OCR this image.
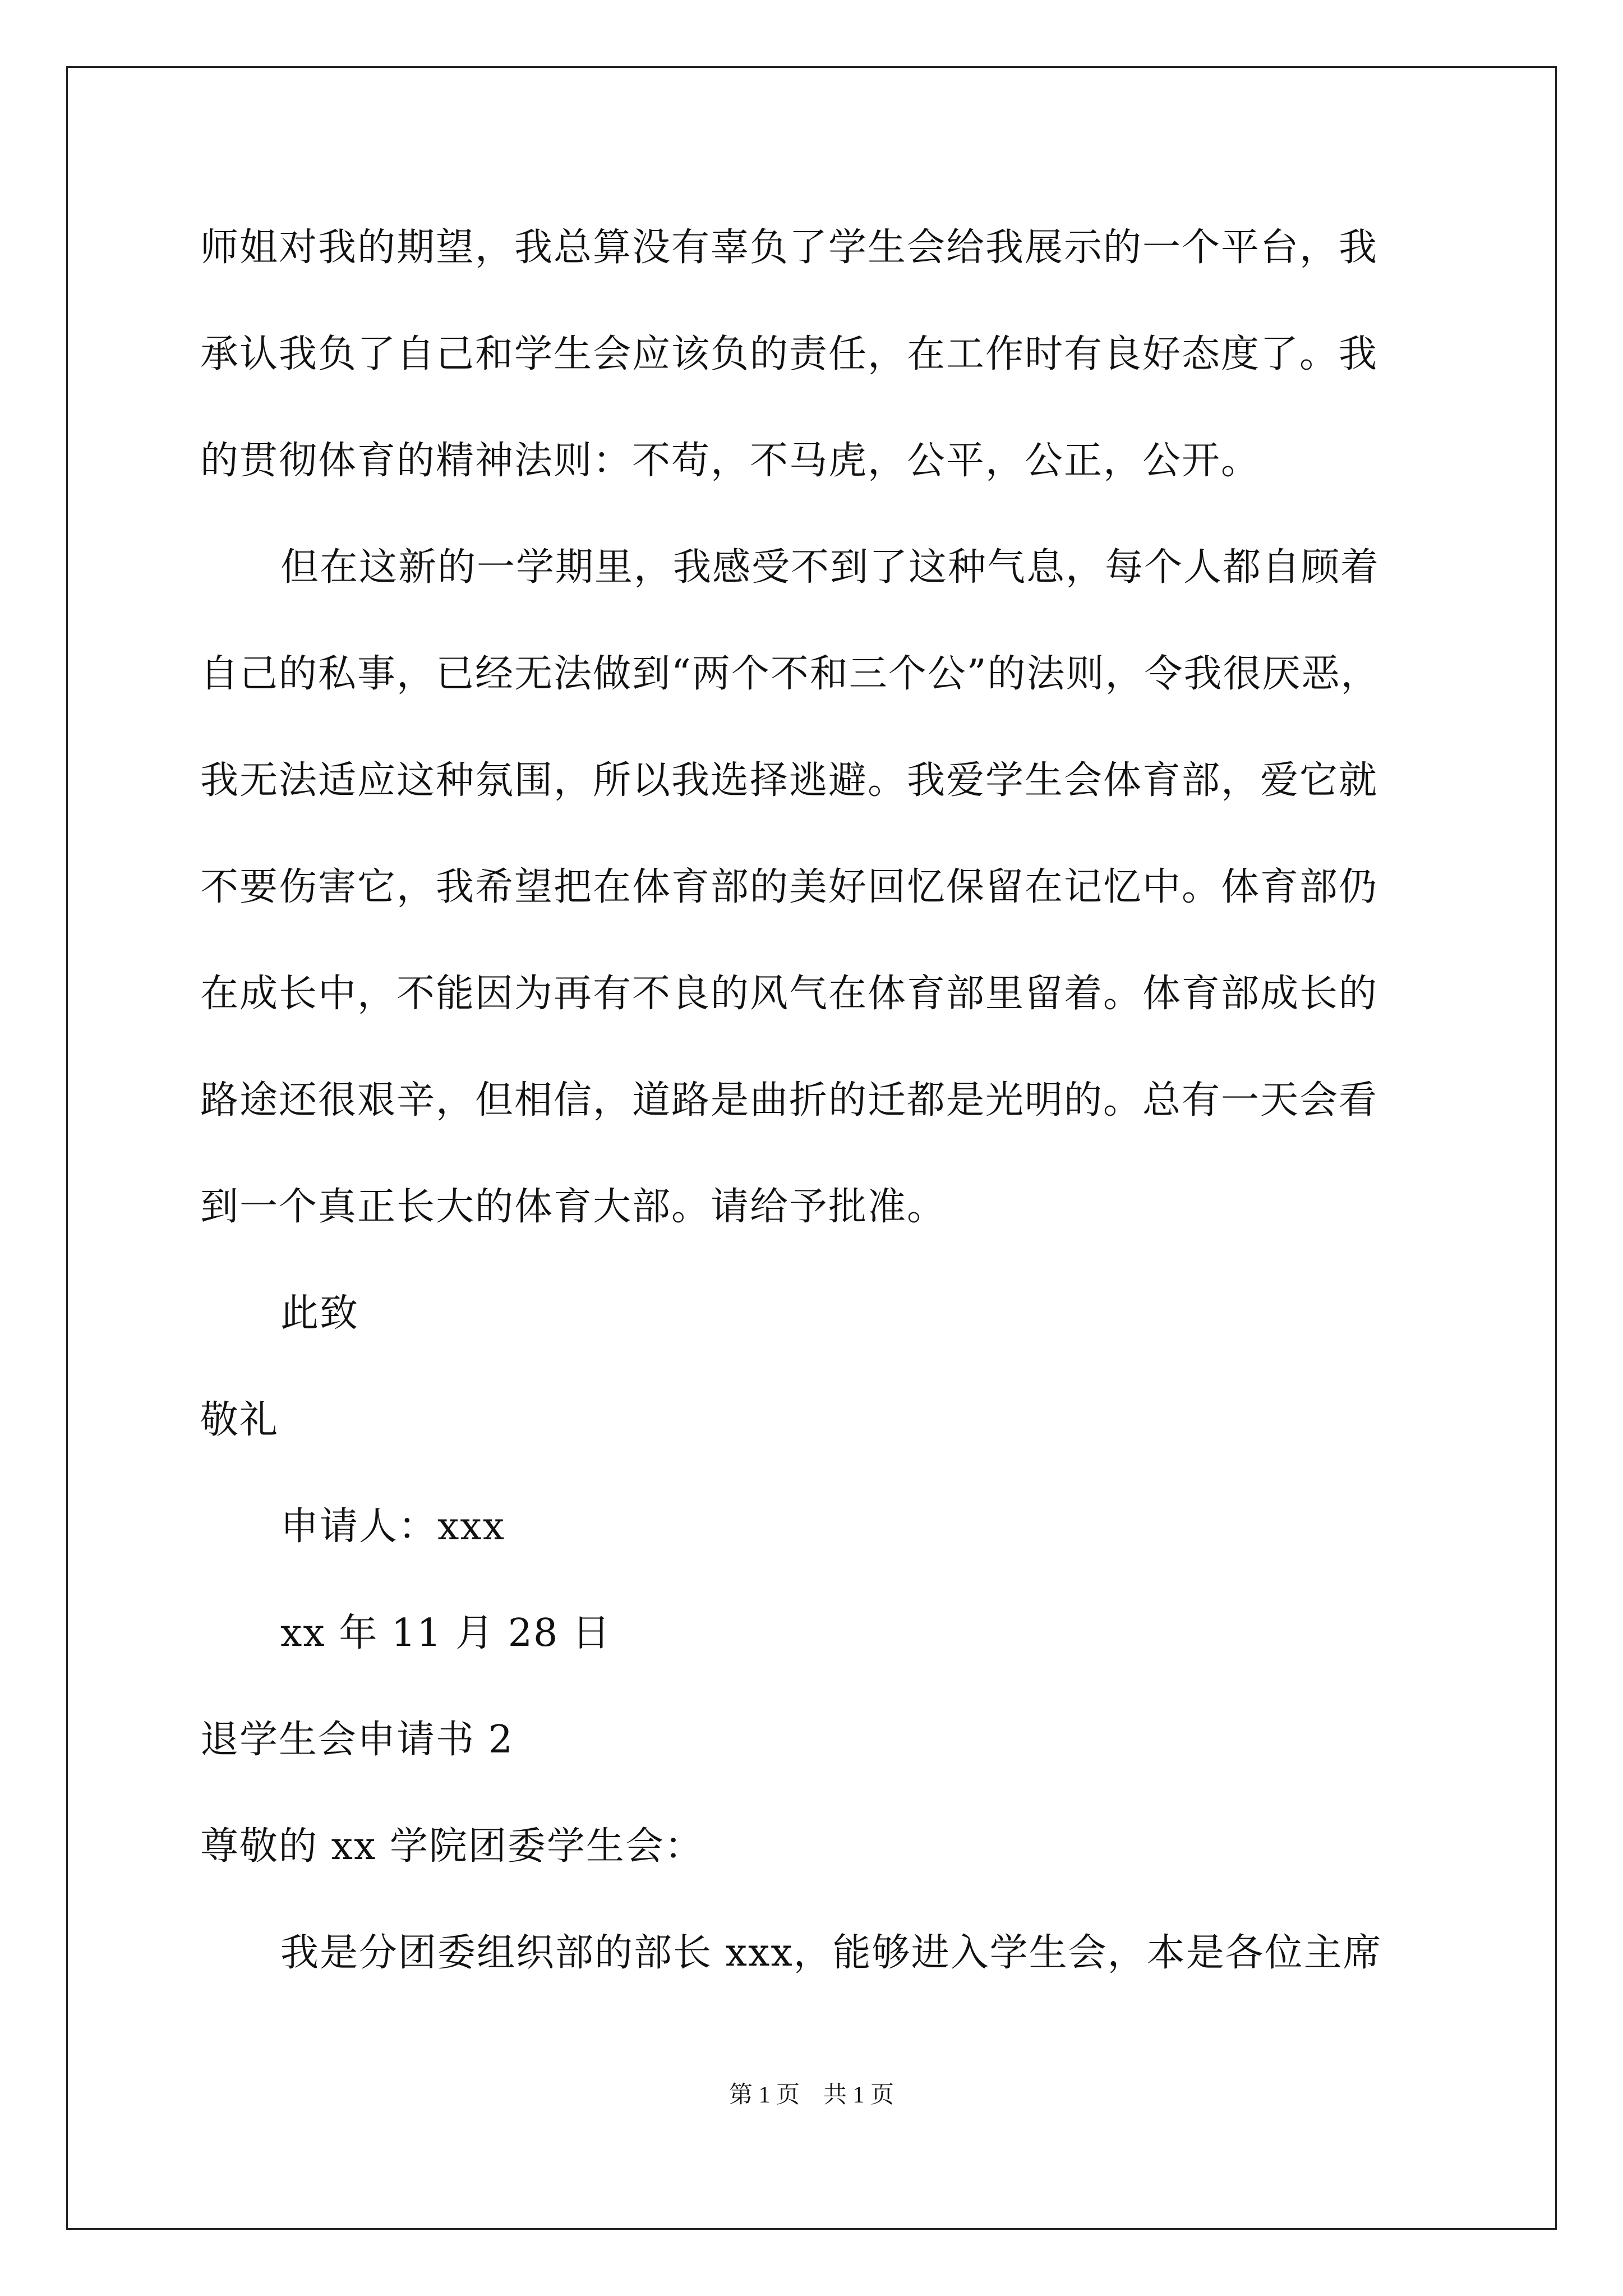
师姐对我的期望，我总算没有辜负了学生会给我展示的一个平台，我
承认我负了自己和学生会应该负的责任，在工作时有良好态度了。我
的贯彻体育的精神法则：不苟，不马虎，公平，公正，公开。
但在这新的一学期里，我感受不到了这种气息，每个人都自顾着
自己的私事，已经无法做到“两个不和三个公”的法则，令我很厌恶，
我无法适应这种氛围，所以我选择逃避。我爱学生会体育部，爱它就
不要伤害它，我希望把在体育部的美好回忆保留在记忆中。体育部仍
在成长中，不能因为再有不良的风气在体育部里留着。体育部成长的
路途还很艰辛，但相信，道路是曲折的迁都是光明的。总有一天会看
到一个真正长大的体育大部。请给予批准。
此致
敬礼
申请人：xxx
xx 年 11 月 28 日
退学生会申请书 2
尊敬的 xx 学院团委学生会：
我是分团委组织部的部长 xxx，能够进入学生会，本是各位主席
第 1 页    共 1 页
